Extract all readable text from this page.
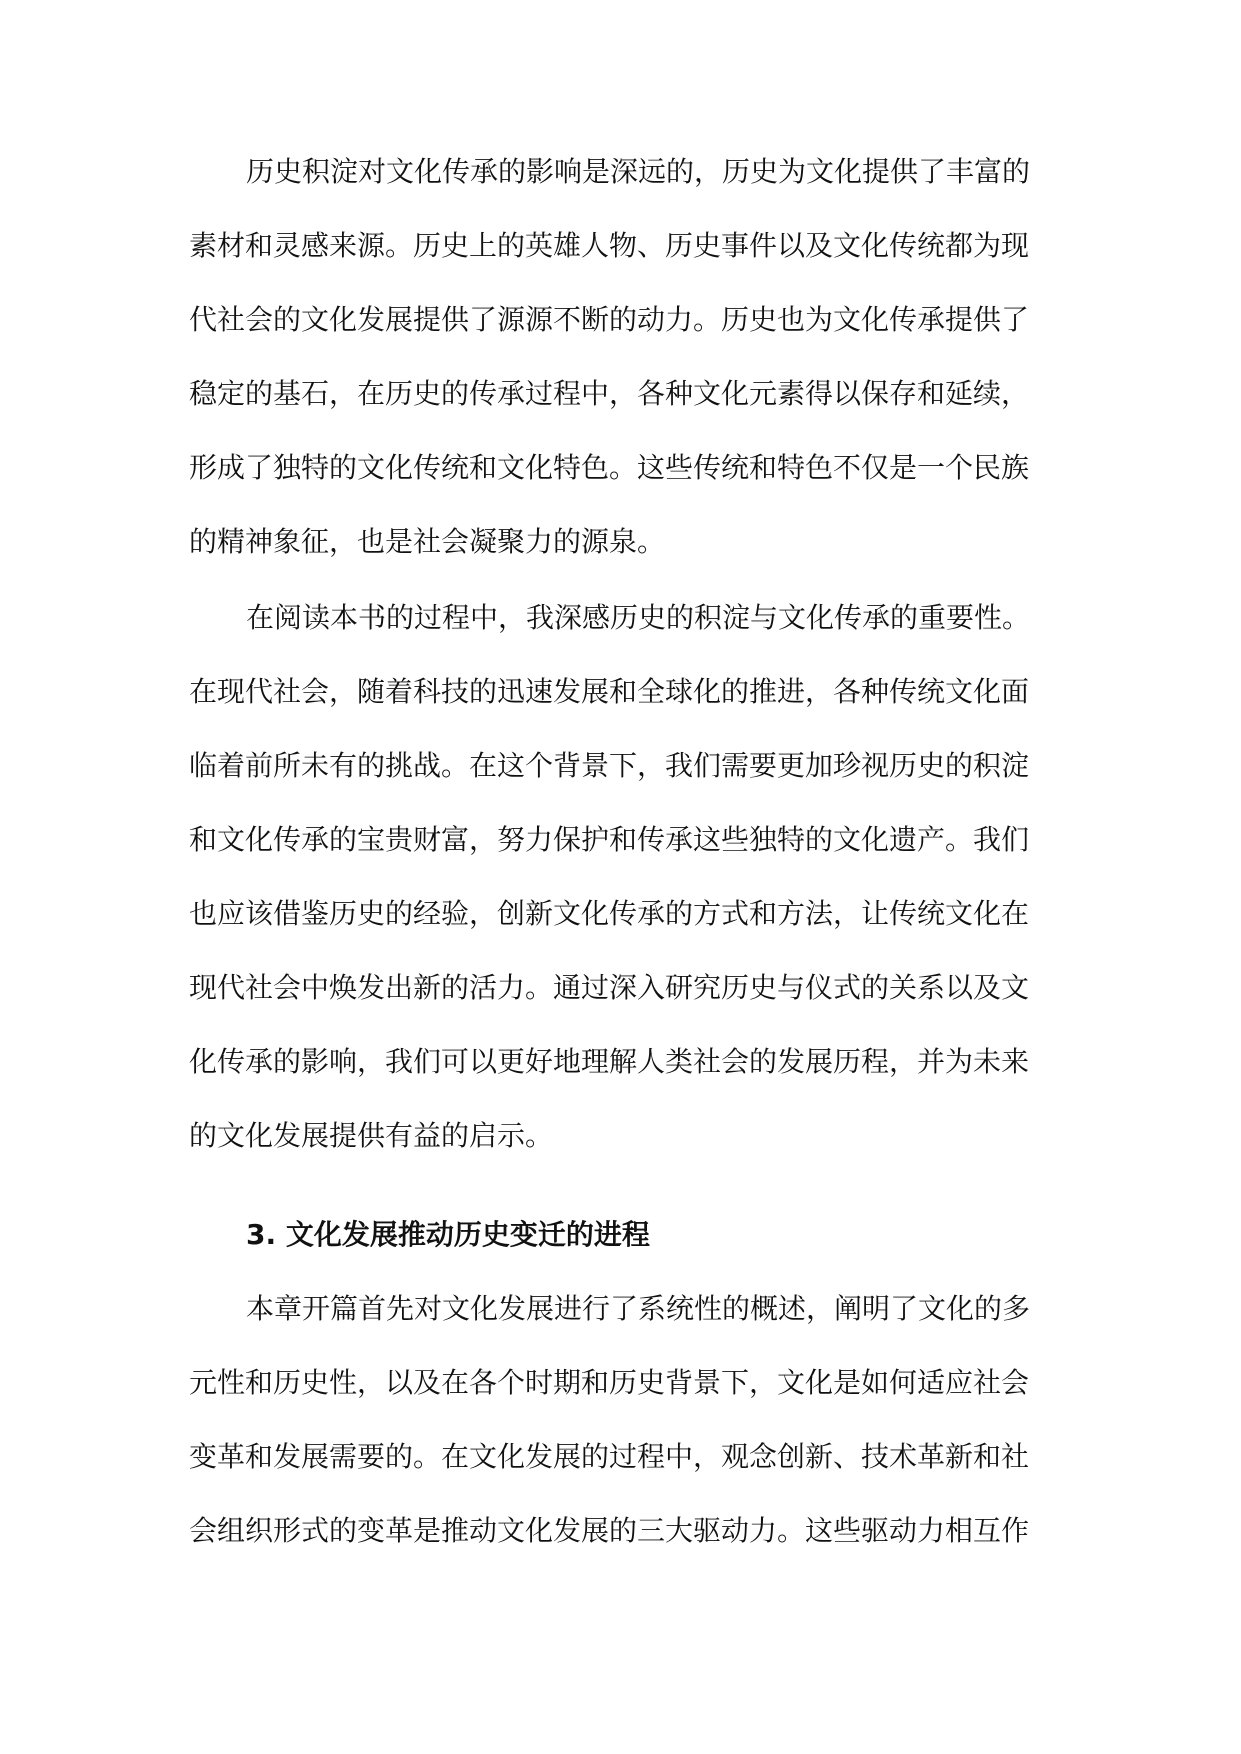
历史积淀对文化传承的影响是深远的，历史为文化提供了丰富的
素材和灵感来源。历史上的英雄人物、历史事件以及文化传统都为现
代社会的文化发展提供了源源不断的动力。历史也为文化传承提供了
稳定的基石，在历史的传承过程中，各种文化元素得以保存和延续，
形成了独特的文化传统和文化特色。这些传统和特色不仅是一个民族
的精神象征，也是社会凝聚力的源泉。
在阅读本书的过程中，我深感历史的积淀与文化传承的重要性。
在现代社会，随着科技的迅速发展和全球化的推进，各种传统文化面
临着前所未有的挑战。在这个背景下，我们需要更加珍视历史的积淀
和文化传承的宝贵财富，努力保护和传承这些独特的文化遗产。我们
也应该借鉴历史的经验，创新文化传承的方式和方法，让传统文化在
现代社会中焕发出新的活力。通过深入研究历史与仪式的关系以及文
化传承的影响，我们可以更好地理解人类社会的发展历程，并为未来
的文化发展提供有益的启示。
3. 文化发展推动历史变迁的进程
本章开篇首先对文化发展进行了系统性的概述，阐明了文化的多
元性和历史性，以及在各个时期和历史背景下，文化是如何适应社会
变革和发展需要的。在文化发展的过程中，观念创新、技术革新和社
会组织形式的变革是推动文化发展的三大驱动力。这些驱动力相互作
